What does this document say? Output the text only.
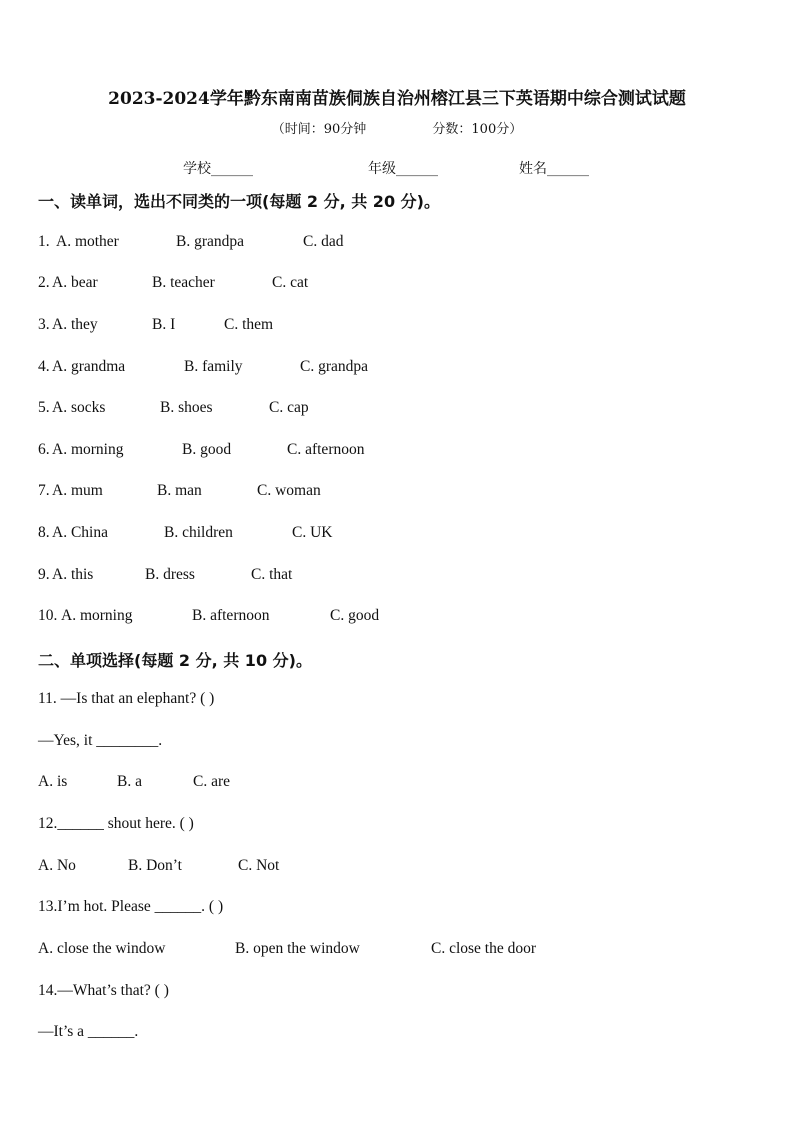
2023-2024学年黔东南南苗族侗族自治州榕江县三下英语期中综合测试试题
（时间：90分钟                分数：100分）
学校______	年级______	姓名______
一、读单词，选出不同类的一项(每题 2 分, 共 20 分)。
1. A. mother	B. grandpa	C. dad
2. A. bear	B. teacher	C. cat
3. A. they	B. I	C. them
4. A. grandma	B. family	C. grandpa
5. A. socks	B. shoes	C. cap
6. A. morning	B. good	C. afternoon
7. A. mum	B. man	C. woman
8. A. China	B. children	C. UK
9. A. this	B. dress	C. that
10. A. morning	B. afternoon	C. good
二、单项选择(每题 2 分, 共 10 分)。
11. —Is that an elephant? ( )
—Yes, it ________.
A. is	B. a	C. are
12.______ shout here. ( )
A. No	B. Don’t	C. Not
13.I’m hot. Please ______. ( )
A. close the window	B. open the window	C. close the door
14.—What’s that? ( )
—It’s a ______.
